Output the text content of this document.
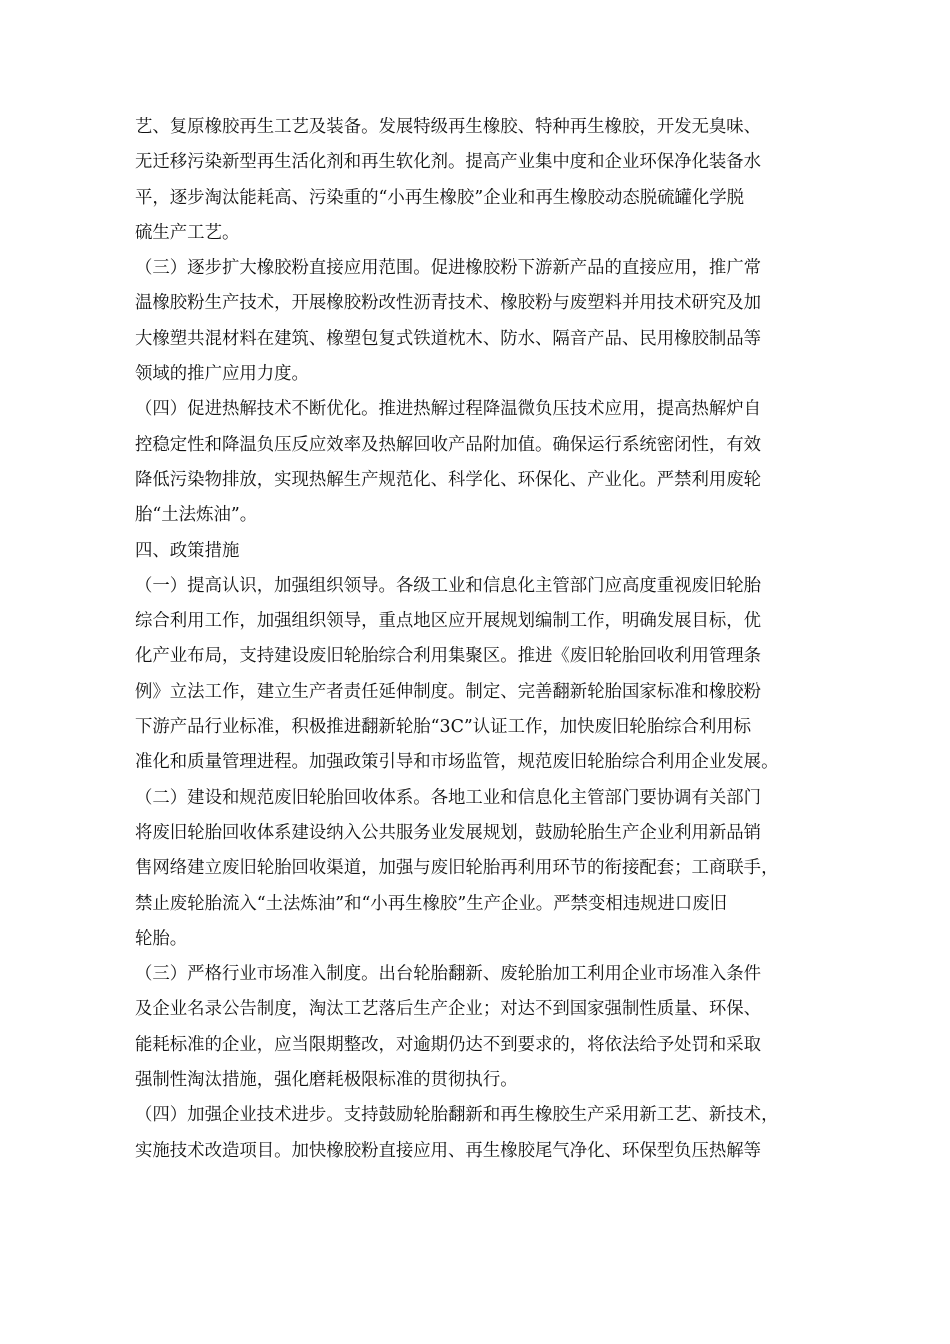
艺、复原橡胶再生工艺及装备。发展特级再生橡胶、特种再生橡胶，开发无臭味、
无迁移污染新型再生活化剂和再生软化剂。提高产业集中度和企业环保净化装备水
平，逐步淘汰能耗高、污染重的“小再生橡胶”企业和再生橡胶动态脱硫罐化学脱
硫生产工艺。
（三）逐步扩大橡胶粉直接应用范围。促进橡胶粉下游新产品的直接应用，推广常
温橡胶粉生产技术，开展橡胶粉改性沥青技术、橡胶粉与废塑料并用技术研究及加
大橡塑共混材料在建筑、橡塑包复式铁道枕木、防水、隔音产品、民用橡胶制品等
领域的推广应用力度。
（四）促进热解技术不断优化。推进热解过程降温微负压技术应用，提高热解炉自
控稳定性和降温负压反应效率及热解回收产品附加值。确保运行系统密闭性，有效
降低污染物排放，实现热解生产规范化、科学化、环保化、产业化。严禁利用废轮
胎“土法炼油”。
四、政策措施
（一）提高认识，加强组织领导。各级工业和信息化主管部门应高度重视废旧轮胎
综合利用工作，加强组织领导，重点地区应开展规划编制工作，明确发展目标，优
化产业布局，支持建设废旧轮胎综合利用集聚区。推进《废旧轮胎回收利用管理条
例》立法工作，建立生产者责任延伸制度。制定、完善翻新轮胎国家标准和橡胶粉
下游产品行业标准，积极推进翻新轮胎“3C”认证工作，加快废旧轮胎综合利用标
准化和质量管理进程。加强政策引导和市场监管，规范废旧轮胎综合利用企业发展。
（二）建设和规范废旧轮胎回收体系。各地工业和信息化主管部门要协调有关部门
将废旧轮胎回收体系建设纳入公共服务业发展规划，鼓励轮胎生产企业利用新品销
售网络建立废旧轮胎回收渠道，加强与废旧轮胎再利用环节的衔接配套；工商联手，
禁止废轮胎流入“土法炼油”和“小再生橡胶”生产企业。严禁变相违规进口废旧
轮胎。
（三）严格行业市场准入制度。出台轮胎翻新、废轮胎加工利用企业市场准入条件
及企业名录公告制度，淘汰工艺落后生产企业；对达不到国家强制性质量、环保、
能耗标准的企业，应当限期整改，对逾期仍达不到要求的，将依法给予处罚和采取
强制性淘汰措施，强化磨耗极限标准的贯彻执行。
（四）加强企业技术进步。支持鼓励轮胎翻新和再生橡胶生产采用新工艺、新技术，
实施技术改造项目。加快橡胶粉直接应用、再生橡胶尾气净化、环保型负压热解等
